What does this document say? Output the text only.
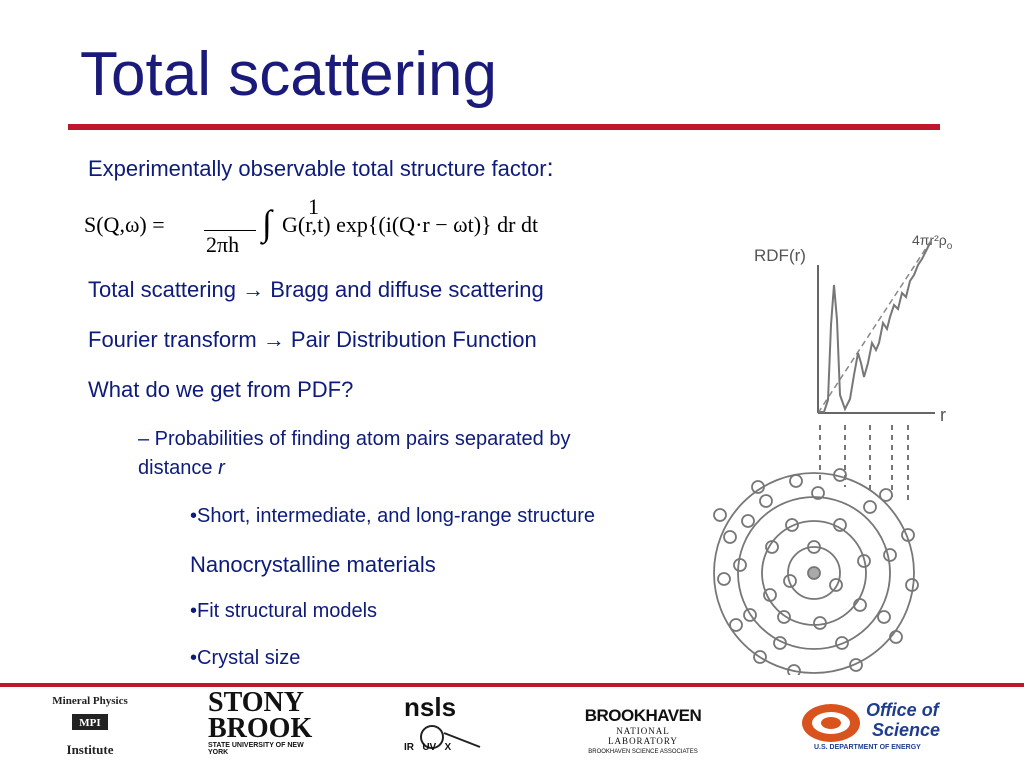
Total scattering
Experimentally observable total structure factor:
S(Q,ω) =
1
2πh
∫ G(r,t) exp{(i(Q·r − ωt)} dr dt
Total scattering → Bragg and diffuse scattering
Fourier transform → Pair Distribution Function
What do we get from PDF?
– Probabilities of finding atom pairs separated by
distance r
•Short, intermediate, and long-range structure
Nanocrystalline materials
•Fit structural models
•Crystal size
RDF(r)
$4\pi r^2\rho_o$
r
Mineral Physics
MPI
Institute
STONY
BROOK
STATE UNIVERSITY OF NEW YORK
nsls
IR   UV   X
BROOKHAVEN
NATIONAL LABORATORY
BROOKHAVEN SCIENCE ASSOCIATES
Office of
Science
U.S. DEPARTMENT OF ENERGY
